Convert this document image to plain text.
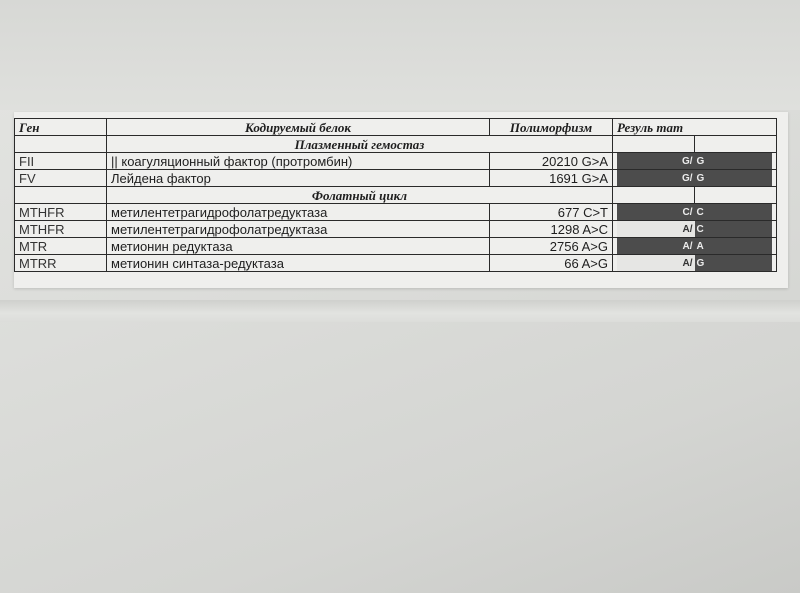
Ген	Кодируемый белок	Полиморфизм	Резуль тат
	Плазменный гемостаз		

FII	|| коагуляционный фактор (протромбин)	20210 G>A	G/ G

FV	Лейдена фактор	1691 G>A	G/ G

	Фолатный цикл		

MTHFR	метилентетрагидрофолатредуктаза	677 C>T	C/ C

MTHFR	метилентетрагидрофолатредуктаза	1298 A>C	A/ C

MTR	метионин редуктаза	2756 A>G	A/ A

MTRR	метионин синтаза-редуктаза	66 A>G	A/ G
